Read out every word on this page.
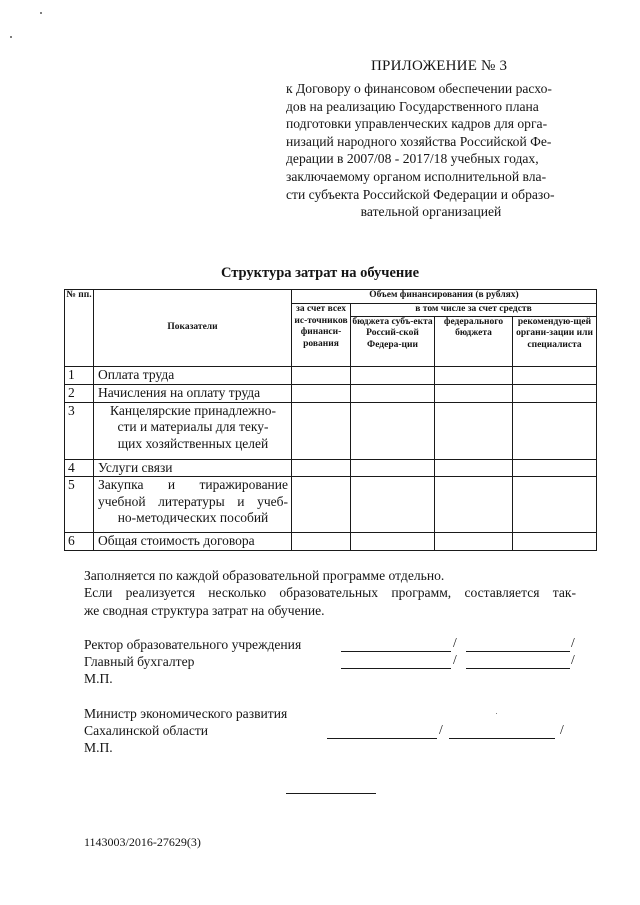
ПРИЛОЖЕНИЕ № 3
к Договору о финансовом обеспечении расхо-
дов на реализацию Государственного плана
подготовки управленческих кадров для орга-
низаций народного хозяйства Российской Фе-
дерации в 2007/08 - 2017/18 учебных годах,
заключаемому органом исполнительной вла-
сти субъекта Российской Федерации и образо-
вательной организацией
Структура затрат на обучение
№ пп.	Показатели	Объем финансирования (в рублях)			
		за счет всех ис-точников финанси-рования	в том числе за счет средств		
			бюджета субъ-екта Россий-ской Федера-ции	федерального бюджета	рекомендую-щей органи-зации или специалиста
1	Оплата труда				
2	Начисления на оплату труда				
3	Канцелярские принадлежно-
сти и материалы для теку-
щих хозяйственных целей				

4	Услуги связи				
5	Закупка и тиражирование
учебной литературы и учеб-
но-методических пособий				

6	Общая стоимость договора				

Заполняется по каждой образовательной программе отдельно.

Если реализуется несколько образовательных программ, составляется так-

же сводная структура затрат на обучение.

Ректор образовательного учреждения
Главный бухгалтер
М.П.
/	/
/	/
Министр экономического развития
Сахалинской области
М.П.
/	/
1143003/2016-27629(3)
